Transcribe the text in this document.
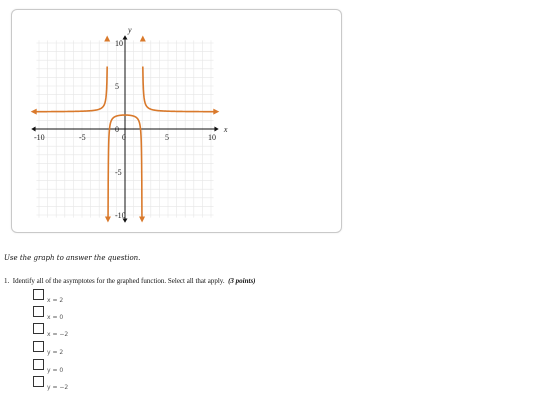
x
y
-10	-5	0	5	10
10
5
0
-5
-10
Use the graph to answer the question.
1. Identify all of the asymptotes for the graphed function. Select all that apply. (3 points)
x = 2
x = 0
x = −2
y = 2
y = 0
y = −2
